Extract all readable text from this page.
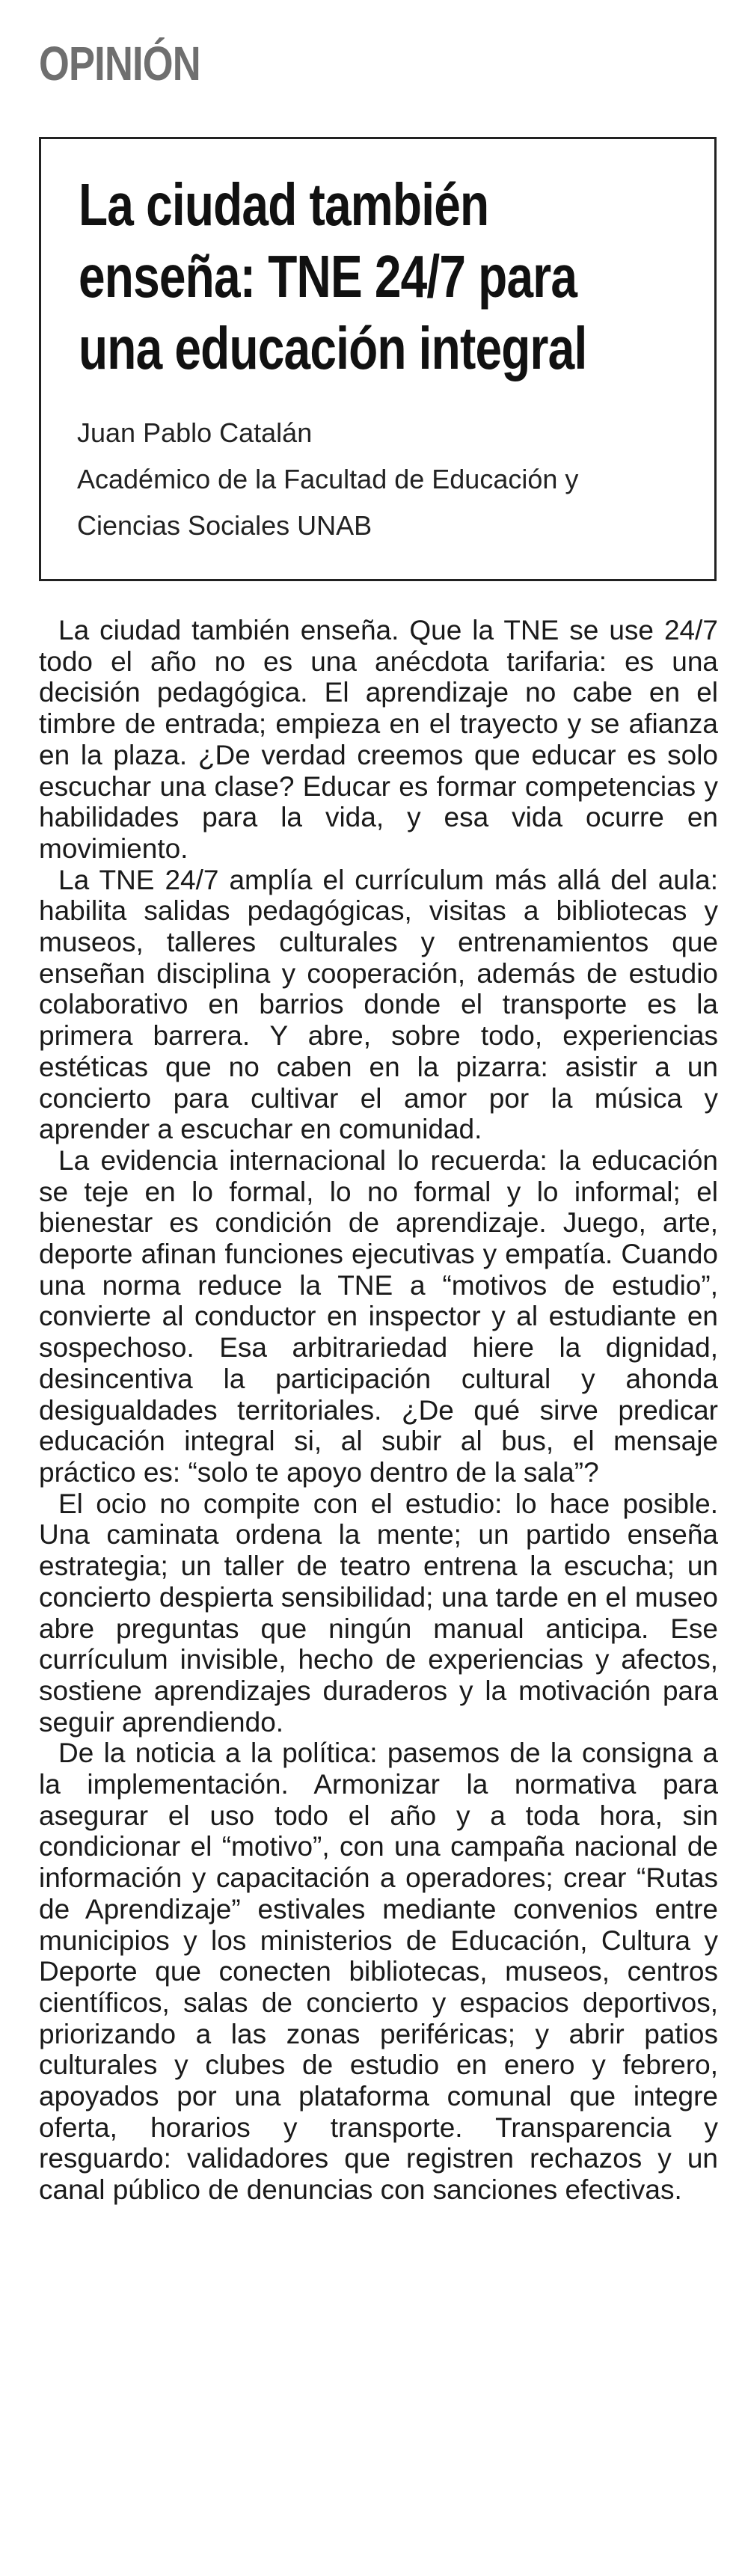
OPINIÓN
La ciudad también
enseña: TNE 24/7 para
una educación integral
Juan Pablo Catalán
Académico de la Facultad de Educación y
Ciencias Sociales UNAB

La ciudad también enseña. Que la TNE se use 24/7 todo el año no es una anécdota tarifaria: es una decisión pedagógica. El aprendizaje no cabe en el timbre de entrada; empieza en el trayecto y se afianza en la plaza. ¿De verdad creemos que educar es solo escuchar una clase? Educar es formar competencias y habilidades para la vida, y esa vida ocurre en movimiento.

La TNE 24/7 amplía el currículum más allá del aula: habilita salidas pedagógicas, visitas a bibliotecas y museos, talleres culturales y entrenamientos que enseñan disciplina y cooperación, además de estudio colaborativo en barrios donde el transporte es la primera barrera. Y abre, sobre todo, experiencias estéticas que no caben en la pizarra: asistir a un concierto para cultivar el amor por la música y aprender a escuchar en comunidad.

La evidencia internacional lo recuerda: la educación se teje en lo formal, lo no formal y lo informal; el bienestar es condición de aprendizaje. Juego, arte, deporte afinan funciones ejecutivas y empatía. Cuando una norma reduce la TNE a “motivos de estudio”, convierte al conductor en inspector y al estudiante en sospechoso. Esa arbitrariedad hiere la dignidad, desincentiva la participación cultural y ahonda desigualdades territoriales. ¿De qué sirve predicar educación integral si, al subir al bus, el mensaje práctico es: “solo te apoyo dentro de la sala”?

El ocio no compite con el estudio: lo hace posible. Una caminata ordena la mente; un partido enseña estrategia; un taller de teatro entrena la escucha; un concierto despierta sensibilidad; una tarde en el museo abre preguntas que ningún manual anticipa. Ese currículum invisible, hecho de experiencias y afectos, sostiene aprendizajes duraderos y la motivación para seguir aprendiendo.

De la noticia a la política: pasemos de la consigna a la implementación. Armonizar la normativa para asegurar el uso todo el año y a toda hora, sin condicionar el “motivo”, con una campaña nacional de información y capacitación a operadores; crear “Rutas de Aprendizaje” estivales mediante convenios entre municipios y los ministerios de Educación, Cultura y Deporte que conecten bibliotecas, museos, centros científicos, salas de concierto y espacios deportivos, priorizando a las zonas periféricas; y abrir patios culturales y clubes de estudio en enero y febrero, apoyados por una plataforma comunal que integre oferta, horarios y transporte. Transparencia y resguardo: validadores que registren rechazos y un canal público de denuncias con sanciones efectivas.
